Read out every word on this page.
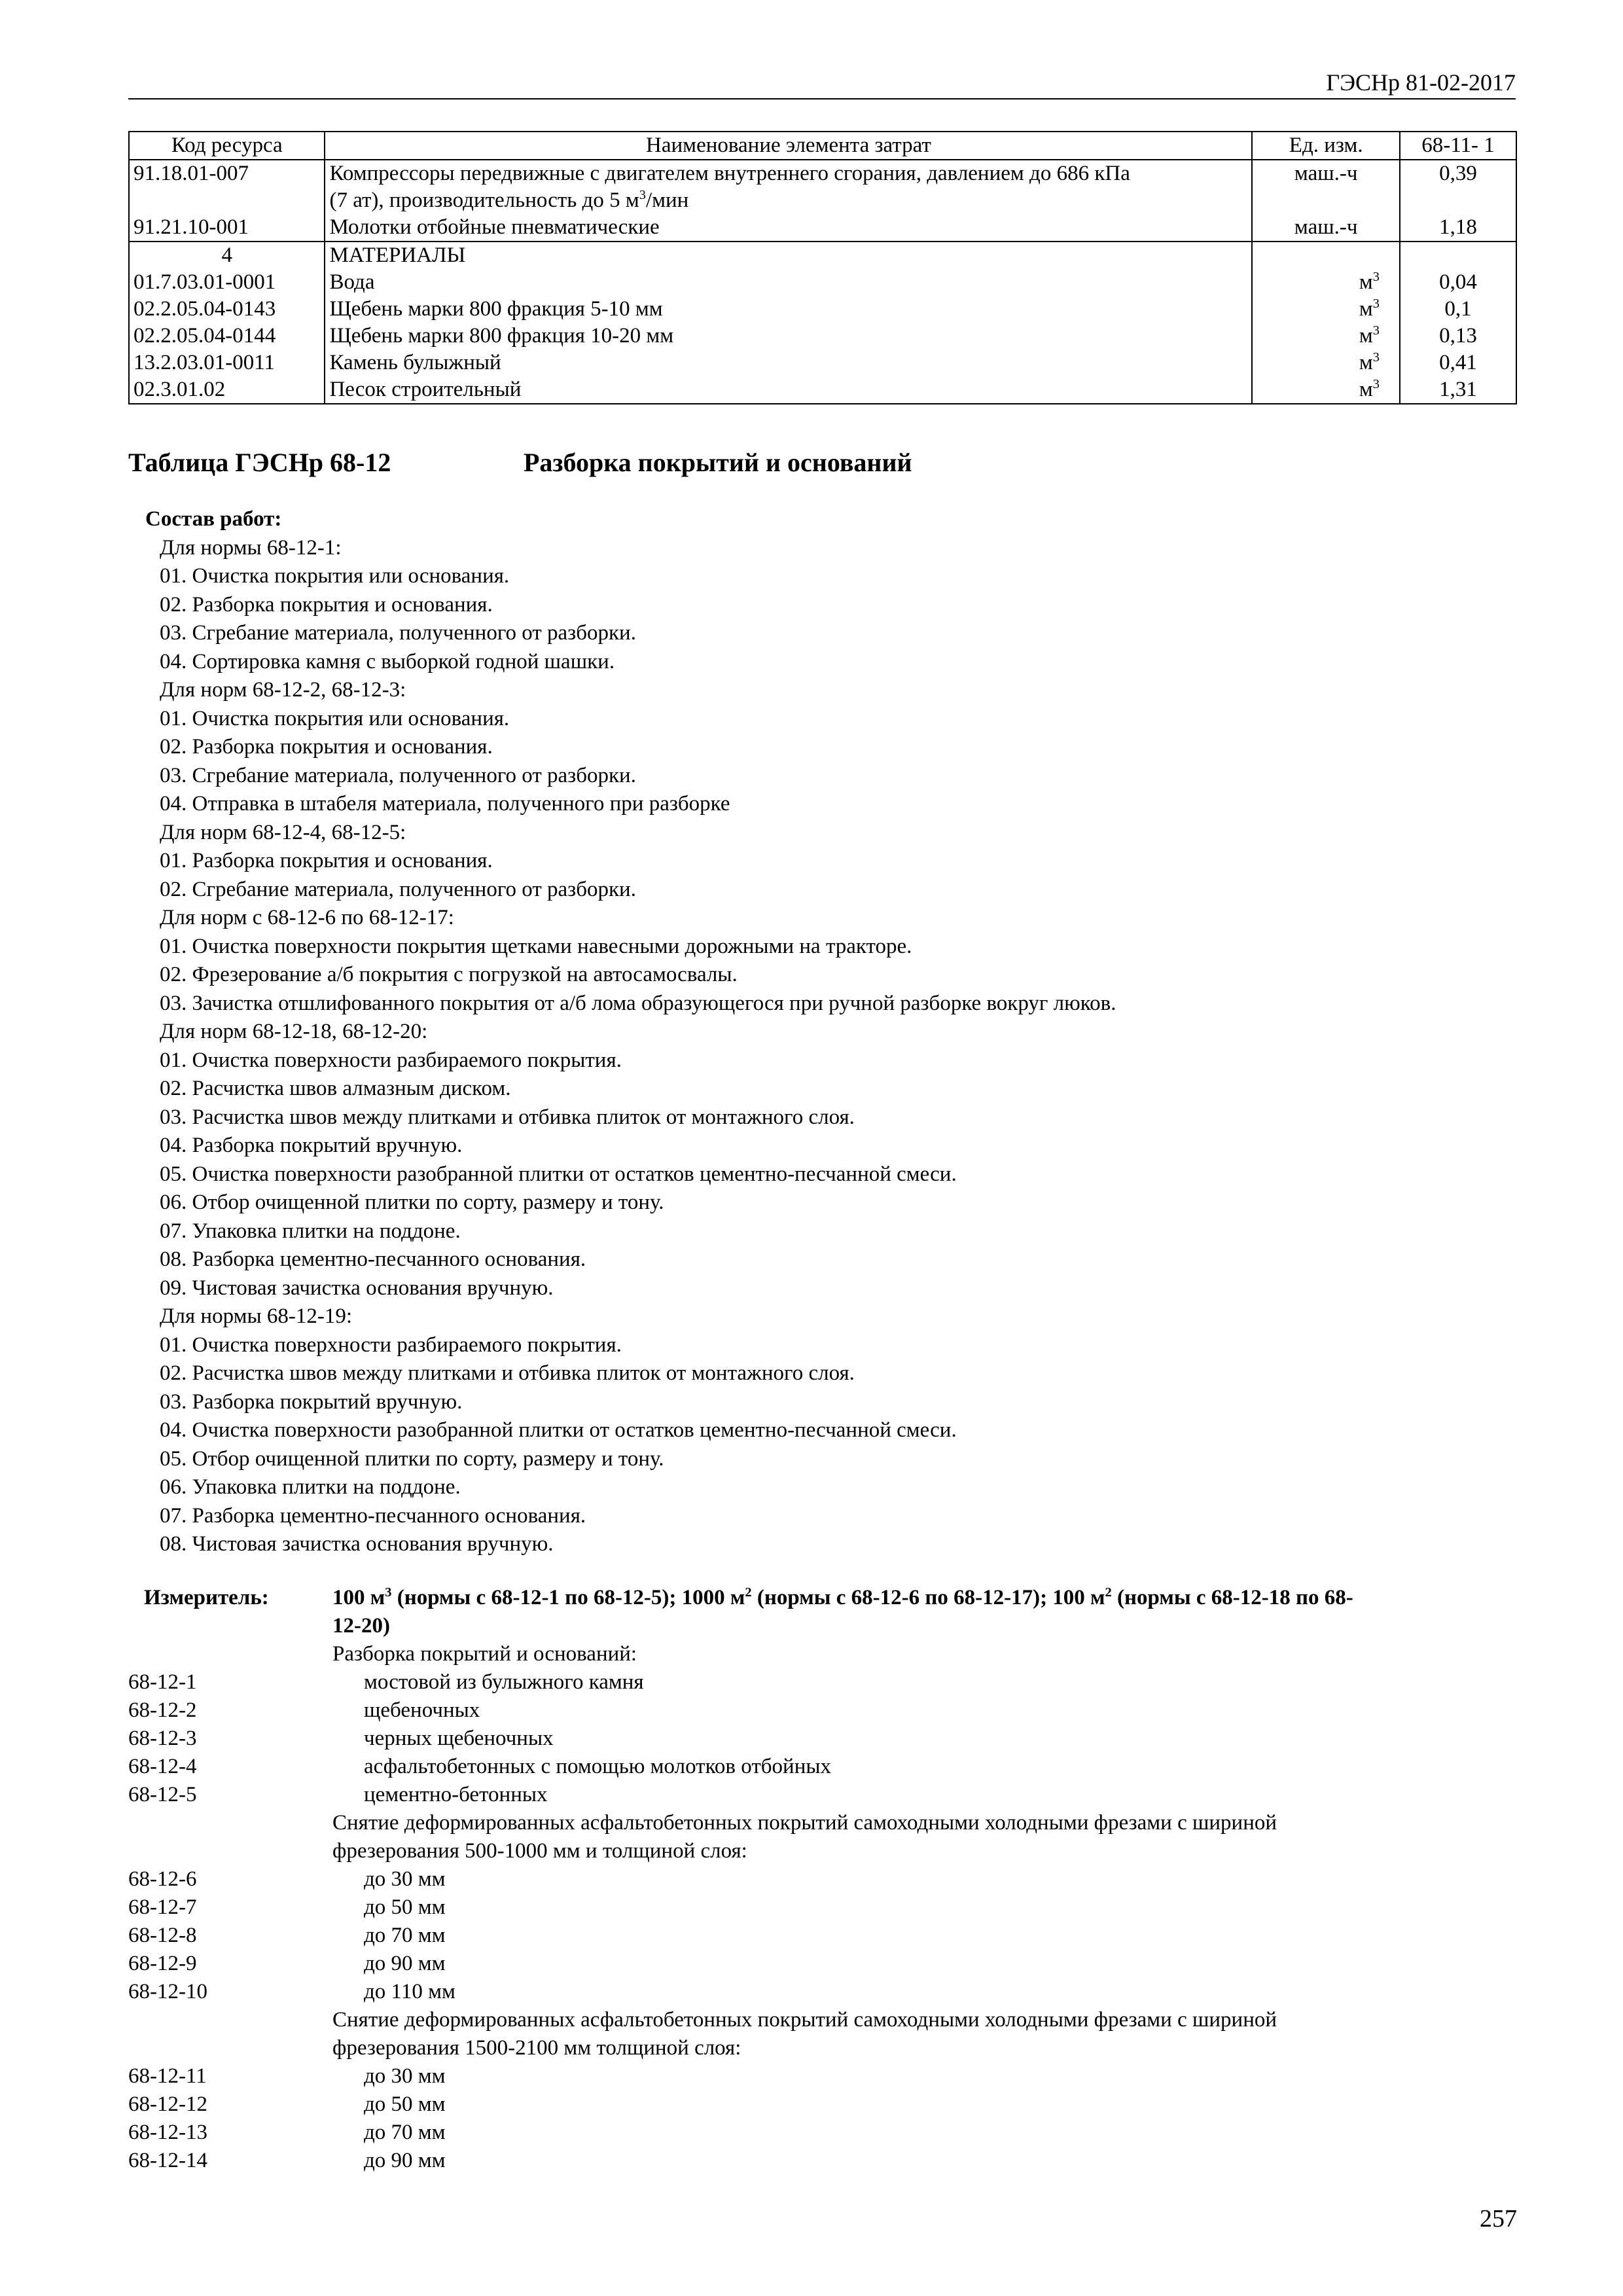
ГЭСНр 81-02-2017
Код ресурса	Наименование элемента затрат	Ед. изм.	68-11- 1
91.18.01-007	Компрессоры передвижные с двигателем внутреннего сгорания, давлением до 686 кПа
(7 ат), производительность до 5 $м^3$/мин	маш.-ч	0,39
91.21.10-001	Молотки отбойные пневматические	маш.-ч	1,18
4	МАТЕРИАЛЫ		
01.7.03.01-0001	Вода	$м^3$	0,04
02.2.05.04-0143	Щебень марки 800 фракция 5-10 мм	$м^3$	0,1
02.2.05.04-0144	Щебень марки 800 фракция 10-20 мм	$м^3$	0,13
13.2.03.01-0011	Камень булыжный	$м^3$	0,41
02.3.01.02	Песок строительный	$м^3$	1,31
Таблица ГЭСНр 68-12	Разборка покрытий и оснований
Состав работ:
Для нормы 68-12-1:
01. Очистка покрытия или основания.
02. Разборка покрытия и основания.
03. Сгребание материала, полученного от разборки.
04. Сортировка камня с выборкой годной шашки.
Для норм 68-12-2, 68-12-3:
01. Очистка покрытия или основания.
02. Разборка покрытия и основания.
03. Сгребание материала, полученного от разборки.
04. Отправка в штабеля материала, полученного при разборке
Для норм 68-12-4, 68-12-5:
01. Разборка покрытия и основания.
02. Сгребание материала, полученного от разборки.
Для норм с 68-12-6 по 68-12-17:
01. Очистка поверхности покрытия щетками навесными дорожными на тракторе.
02. Фрезерование а/б покрытия с погрузкой на автосамосвалы.
03. Зачистка отшлифованного покрытия от а/б лома образующегося при ручной разборке вокруг люков.
Для норм 68-12-18, 68-12-20:
01. Очистка поверхности разбираемого покрытия.
02. Расчистка швов алмазным диском.
03. Расчистка швов между плитками и отбивка плиток от монтажного слоя.
04. Разборка покрытий вручную.
05. Очистка поверхности разобранной плитки от остатков цементно-песчанной смеси.
06. Отбор очищенной плитки по сорту, размеру и тону.
07. Упаковка плитки на поддоне.
08. Разборка цементно-песчанного основания.
09. Чистовая зачистка основания вручную.
Для нормы 68-12-19:
01. Очистка поверхности разбираемого покрытия.
02. Расчистка швов между плитками и отбивка плиток от монтажного слоя.
03. Разборка покрытий вручную.
04. Очистка поверхности разобранной плитки от остатков цементно-песчанной смеси.
05. Отбор очищенной плитки по сорту, размеру и тону.
06. Упаковка плитки на поддоне.
07. Разборка цементно-песчанного основания.
08. Чистовая зачистка основания вручную.
Измеритель:	100 $м^3$ (нормы с 68-12-1 по 68-12-5); 1000 $м^2$ (нормы с 68-12-6 по 68-12-17); 100 $м^2$ (нормы с 68-12-18 по 68-
12-20)
Разборка покрытий и оснований:
68-12-1	мостовой из булыжного камня
68-12-2	щебеночных
68-12-3	черных щебеночных
68-12-4	асфальтобетонных с помощью молотков отбойных
68-12-5	цементно-бетонных
Снятие деформированных асфальтобетонных покрытий самоходными холодными фрезами с шириной
фрезерования 500-1000 мм и толщиной слоя:
68-12-6	до 30 мм
68-12-7	до 50 мм
68-12-8	до 70 мм
68-12-9	до 90 мм
68-12-10	до 110 мм
Снятие деформированных асфальтобетонных покрытий самоходными холодными фрезами с шириной
фрезерования 1500-2100 мм толщиной слоя:
68-12-11	до 30 мм
68-12-12	до 50 мм
68-12-13	до 70 мм
68-12-14	до 90 мм
257
